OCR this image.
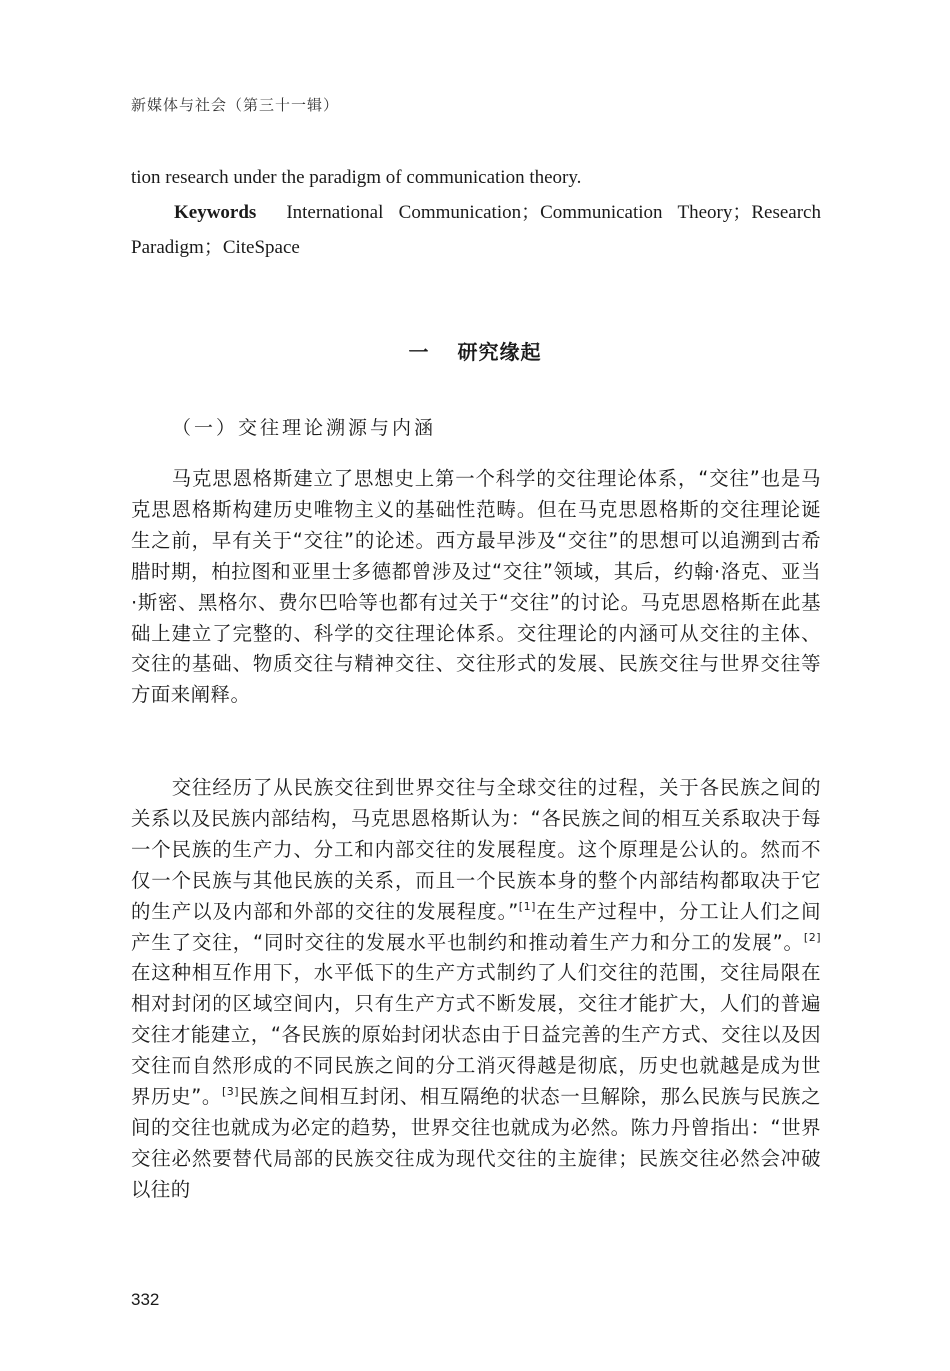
新媒体与社会（第三十一辑）

tion research under the paradigm of communication theory.

Keywords International Communication；Communication Theory；Research Paradigm；CiteSpace

一 研究缘起
（一）交往理论溯源与内涵

马克思恩格斯建立了思想史上第一个科学的交往理论体系，“交往”也是马克思恩格斯构建历史唯物主义的基础性范畴。但在马克思恩格斯的交往理论诞生之前，早有关于“交往”的论述。西方最早涉及“交往”的思想可以追溯到古希腊时期，柏拉图和亚里士多德都曾涉及过“交往”领域，其后，约翰·洛克、亚当·斯密、黑格尔、费尔巴哈等也都有过关于“交往”的讨论。马克思恩格斯在此基础上建立了完整的、科学的交往理论体系。交往理论的内涵可从交往的主体、交往的基础、物质交往与精神交往、交往形式的发展、民族交往与世界交往等方面来阐释。

交往经历了从民族交往到世界交往与全球交往的过程，关于各民族之间的关系以及民族内部结构，马克思恩格斯认为：“各民族之间的相互关系取决于每一个民族的生产力、分工和内部交往的发展程度。这个原理是公认的。然而不仅一个民族与其他民族的关系，而且一个民族本身的整个内部结构都取决于它的生产以及内部和外部的交往的发展程度。”[1]在生产过程中，分工让人们之间产生了交往，“同时交往的发展水平也制约和推动着生产力和分工的发展”。[2]在这种相互作用下，水平低下的生产方式制约了人们交往的范围，交往局限在相对封闭的区域空间内，只有生产方式不断发展，交往才能扩大，人们的普遍交往才能建立，“各民族的原始封闭状态由于日益完善的生产方式、交往以及因交往而自然形成的不同民族之间的分工消灭得越是彻底，历史也就越是成为世界历史”。[3]民族之间相互封闭、相互隔绝的状态一旦解除，那么民族与民族之间的交往也就成为必定的趋势，世界交往也就成为必然。陈力丹曾指出：“世界交往必然要替代局部的民族交往成为现代交往的主旋律；民族交往必然会冲破以往的

332
